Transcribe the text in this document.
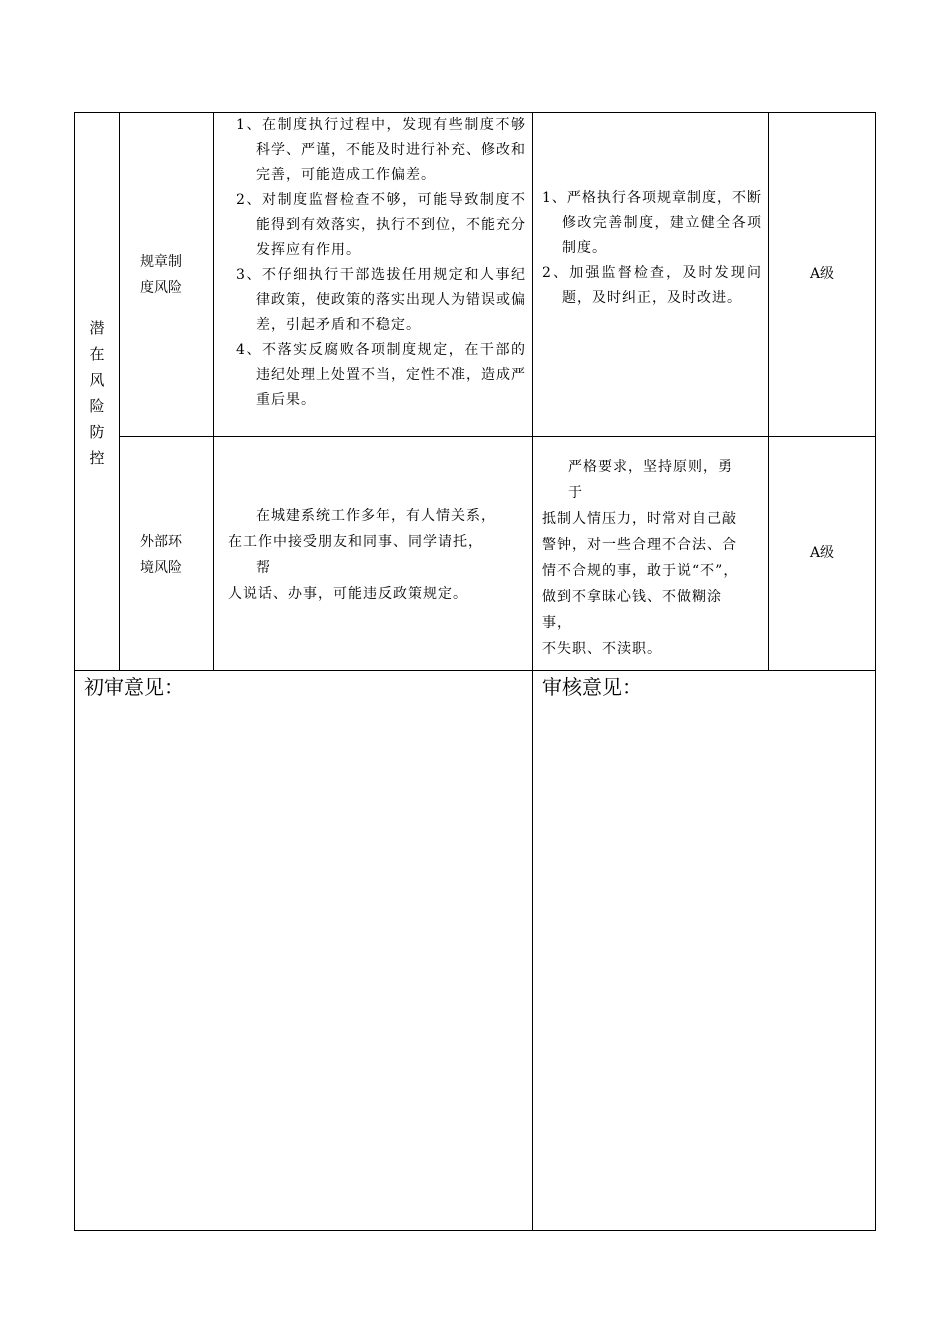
潜
在
风
险
防
控
规章制
度风险

1、在制度执行过程中，发现有些制度不够科学、严谨，不能及时进行补充、修改和完善，可能造成工作偏差。

2、对制度监督检查不够，可能导致制度不能得到有效落实，执行不到位，不能充分发挥应有作用。

3、不仔细执行干部选拔任用规定和人事纪律政策，使政策的落实出现人为错误或偏差，引起矛盾和不稳定。

4、不落实反腐败各项制度规定，在干部的违纪处理上处置不当，定性不准，造成严重后果。

1、严格执行各项规章制度，不断修改完善制度，建立健全各项制度。

2、加强监督检查，及时发现问题，及时纠正，及时改进。

A级
外部环
境风险
在城建系统工作多年，有人情关系，
在工作中接受朋友和同事、同学请托，
帮
人说话、办事，可能违反政策规定。
严格要求，坚持原则，勇
于
抵制人情压力，时常对自己敲
警钟，对一些合理不合法、合
情不合规的事，敢于说“不”，
做到不拿昧心钱、不做糊涂
事，
不失职、不渎职。
A级
初审意见：	审核意见：
